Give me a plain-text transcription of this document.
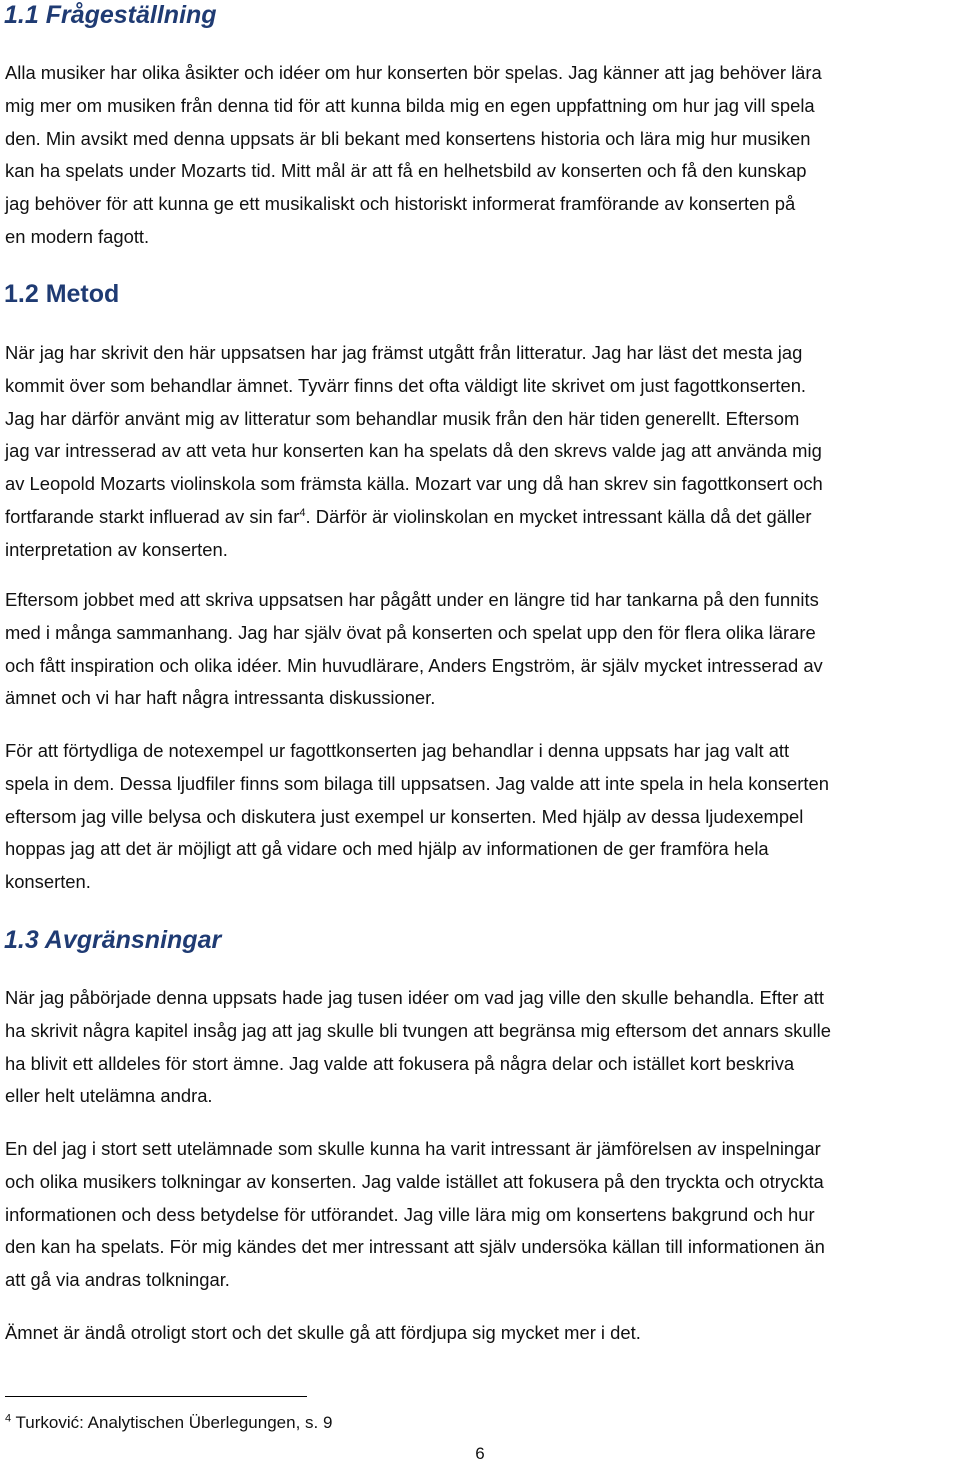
1.1 Frågeställning

Alla musiker har olika åsikter och idéer om hur konserten bör spelas. Jag känner att jag behöver lära
mig mer om musiken från denna tid för att kunna bilda mig en egen uppfattning om hur jag vill spela
den. Min avsikt med denna uppsats är bli bekant med konsertens historia och lära mig hur musiken
kan ha spelats under Mozarts tid. Mitt mål är att få en helhetsbild av konserten och få den kunskap
jag behöver för att kunna ge ett musikaliskt och historiskt informerat framförande av konserten på
en modern fagott.

1.2 Metod

När jag har skrivit den här uppsatsen har jag främst utgått från litteratur. Jag har läst det mesta jag
kommit över som behandlar ämnet. Tyvärr finns det ofta väldigt lite skrivet om just fagottkonserten.
Jag har därför använt mig av litteratur som behandlar musik från den här tiden generellt. Eftersom
jag var intresserad av att veta hur konserten kan ha spelats då den skrevs valde jag att använda mig
av Leopold Mozarts violinskola som främsta källa. Mozart var ung då han skrev sin fagottkonsert och
fortfarande starkt influerad av sin far$^4$. Därför är violinskolan en mycket intressant källa då det gäller
interpretation av konserten.

Eftersom jobbet med att skriva uppsatsen har pågått under en längre tid har tankarna på den funnits
med i många sammanhang. Jag har själv övat på konserten och spelat upp den för flera olika lärare
och fått inspiration och olika idéer. Min huvudlärare, Anders Engström, är själv mycket intresserad av
ämnet och vi har haft några intressanta diskussioner.

För att förtydliga de notexempel ur fagottkonserten jag behandlar i denna uppsats har jag valt att
spela in dem. Dessa ljudfiler finns som bilaga till uppsatsen. Jag valde att inte spela in hela konserten
eftersom jag ville belysa och diskutera just exempel ur konserten. Med hjälp av dessa ljudexempel
hoppas jag att det är möjligt att gå vidare och med hjälp av informationen de ger framföra hela
konserten.

1.3 Avgränsningar

När jag påbörjade denna uppsats hade jag tusen idéer om vad jag ville den skulle behandla. Efter att
ha skrivit några kapitel insåg jag att jag skulle bli tvungen att begränsa mig eftersom det annars skulle
ha blivit ett alldeles för stort ämne. Jag valde att fokusera på några delar och istället kort beskriva
eller helt utelämna andra.

En del jag i stort sett utelämnade som skulle kunna ha varit intressant är jämförelsen av inspelningar
och olika musikers tolkningar av konserten. Jag valde istället att fokusera på den tryckta och otryckta
informationen och dess betydelse för utförandet. Jag ville lära mig om konsertens bakgrund och hur
den kan ha spelats. För mig kändes det mer intressant att själv undersöka källan till informationen än
att gå via andras tolkningar.

Ämnet är ändå otroligt stort och det skulle gå att fördjupa sig mycket mer i det.

$^4$ Turković: Analytischen Überlegungen, s. 9
6
